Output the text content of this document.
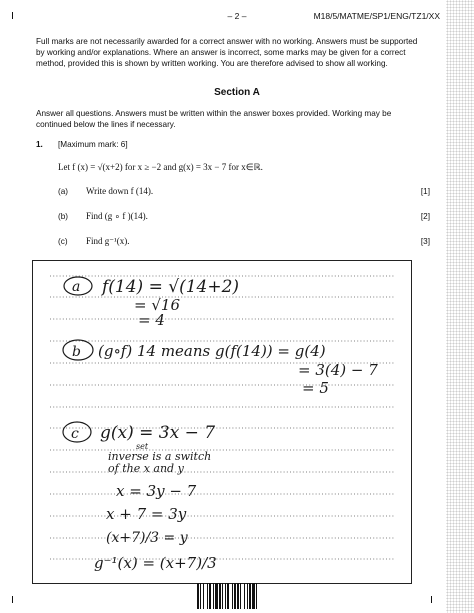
– 2 –	M18/5/MATME/SP1/ENG/TZ1/XX
Full marks are not necessarily awarded for a correct answer with no working. Answers must be supported by working and/or explanations. Where an answer is incorrect, some marks may be given for a correct method, provided this is shown by written working. You are therefore advised to show all working.
Section A
Answer all questions. Answers must be written within the answer boxes provided. Working may be continued below the lines if necessary.
1. [Maximum mark: 6]
Let f (x) = √(x+2) for x ≥ −2 and g(x) = 3x − 7 for x∈ℝ.
(a) Write down f (14).	[1]
(b) Find (g ∘ f )(14).	[2]
(c) Find g⁻¹(x).	[3]
a f(14) = √(14+2)
= √16
= 4
b (g∘f) 14 means g(f(14)) = g(4)
= 3(4) − 7
= 5
c g(x) = 3x − 7
set
inverse is a switch
of the x and y
x = 3y − 7
x + 7 = 3y
(x+7)/3 = y
g⁻¹(x) = (x+7)/3
